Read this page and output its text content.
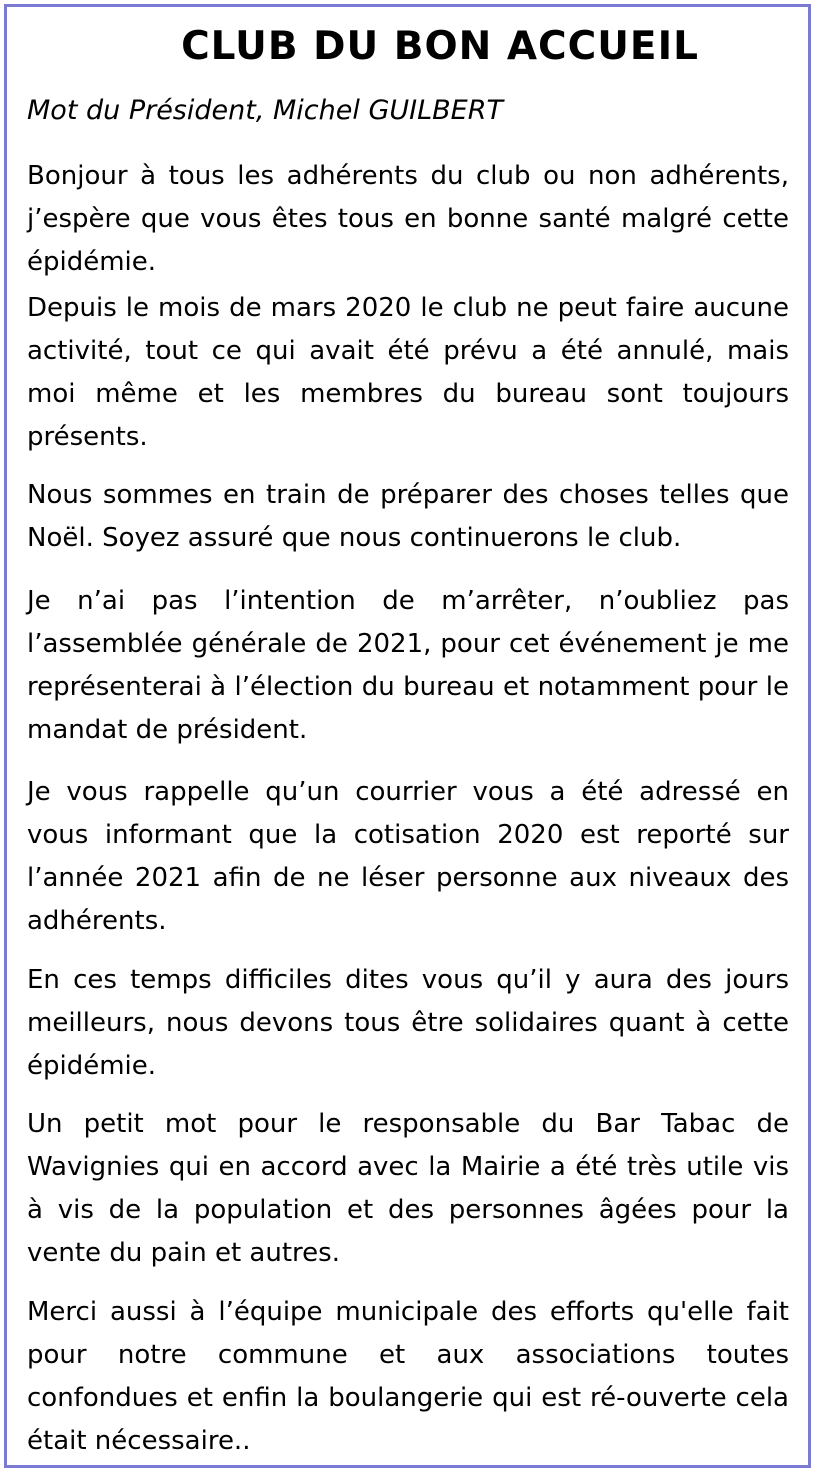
CLUB DU BON ACCUEIL

Mot du Président, Michel GUILBERT

Bonjour à tous les adhérents du club ou non adhérents, j’espère que vous êtes tous en bonne santé malgré cette épidémie.

Depuis le mois de mars 2020 le club ne peut faire aucune activité, tout ce qui avait été prévu a été annulé, mais moi même et les membres du bureau sont toujours présents.

Nous sommes en train de préparer des choses telles que Noël. Soyez assuré que nous continuerons le club.

Je n’ai pas l’intention de m’arrêter, n’oubliez pas l’assemblée générale de 2021, pour cet événement je me représenterai à l’élection du bureau et notamment pour le mandat de président.

Je vous rappelle qu’un courrier vous a été adressé en vous informant que la cotisation 2020 est reporté sur l’année 2021 afin de ne léser personne aux niveaux des adhérents.

En ces temps difficiles dites vous qu’il y aura des jours meilleurs, nous devons tous être solidaires quant à cette épidémie.

Un petit mot pour le responsable du Bar Tabac de Wavignies qui en accord avec la Mairie a été très utile vis à vis de la population et des personnes âgées pour la vente du pain et autres.

Merci aussi à l’équipe municipale des efforts qu'elle fait pour notre commune et aux associations toutes confondues et enfin la boulangerie qui est ré-ouverte cela était nécessaire..
